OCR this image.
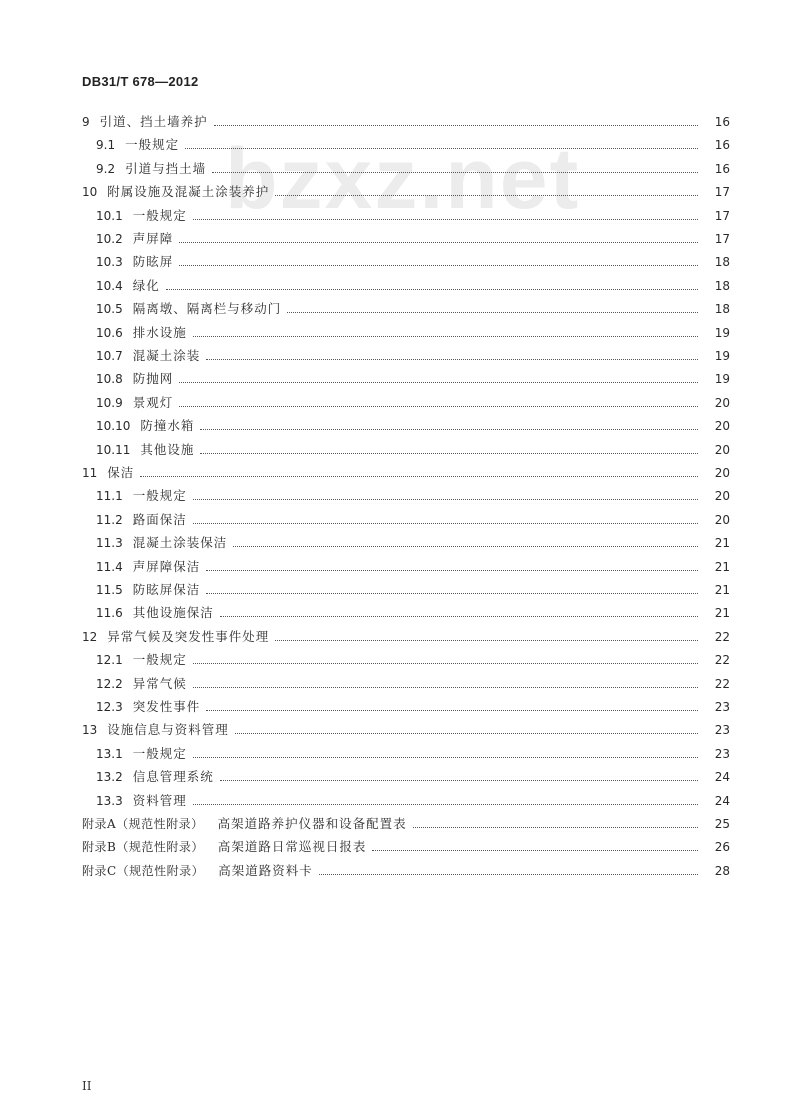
DB31/T 678—2012
bzxz.net
9 引道、挡土墙养护	16
9.1 一般规定	16
9.2 引道与挡土墙	16
10 附属设施及混凝土涂装养护	17
10.1 一般规定	17
10.2 声屏障	17
10.3 防眩屏	18
10.4 绿化	18
10.5 隔离墩、隔离栏与移动门	18
10.6 排水设施	19
10.7 混凝土涂装	19
10.8 防抛网	19
10.9 景观灯	20
10.10 防撞水箱	20
10.11 其他设施	20
11 保洁	20
11.1 一般规定	20
11.2 路面保洁	20
11.3 混凝土涂装保洁	21
11.4 声屏障保洁	21
11.5 防眩屏保洁	21
11.6 其他设施保洁	21
12 异常气候及突发性事件处理	22
12.1 一般规定	22
12.2 异常气候	22
12.3 突发性事件	23
13 设施信息与资料管理	23
13.1 一般规定	23
13.2 信息管理系统	24
13.3 资料管理	24
附录A（规范性附录） 高架道路养护仪器和设备配置表	25
附录B（规范性附录） 高架道路日常巡视日报表	26
附录C（规范性附录） 高架道路资料卡	28
II
